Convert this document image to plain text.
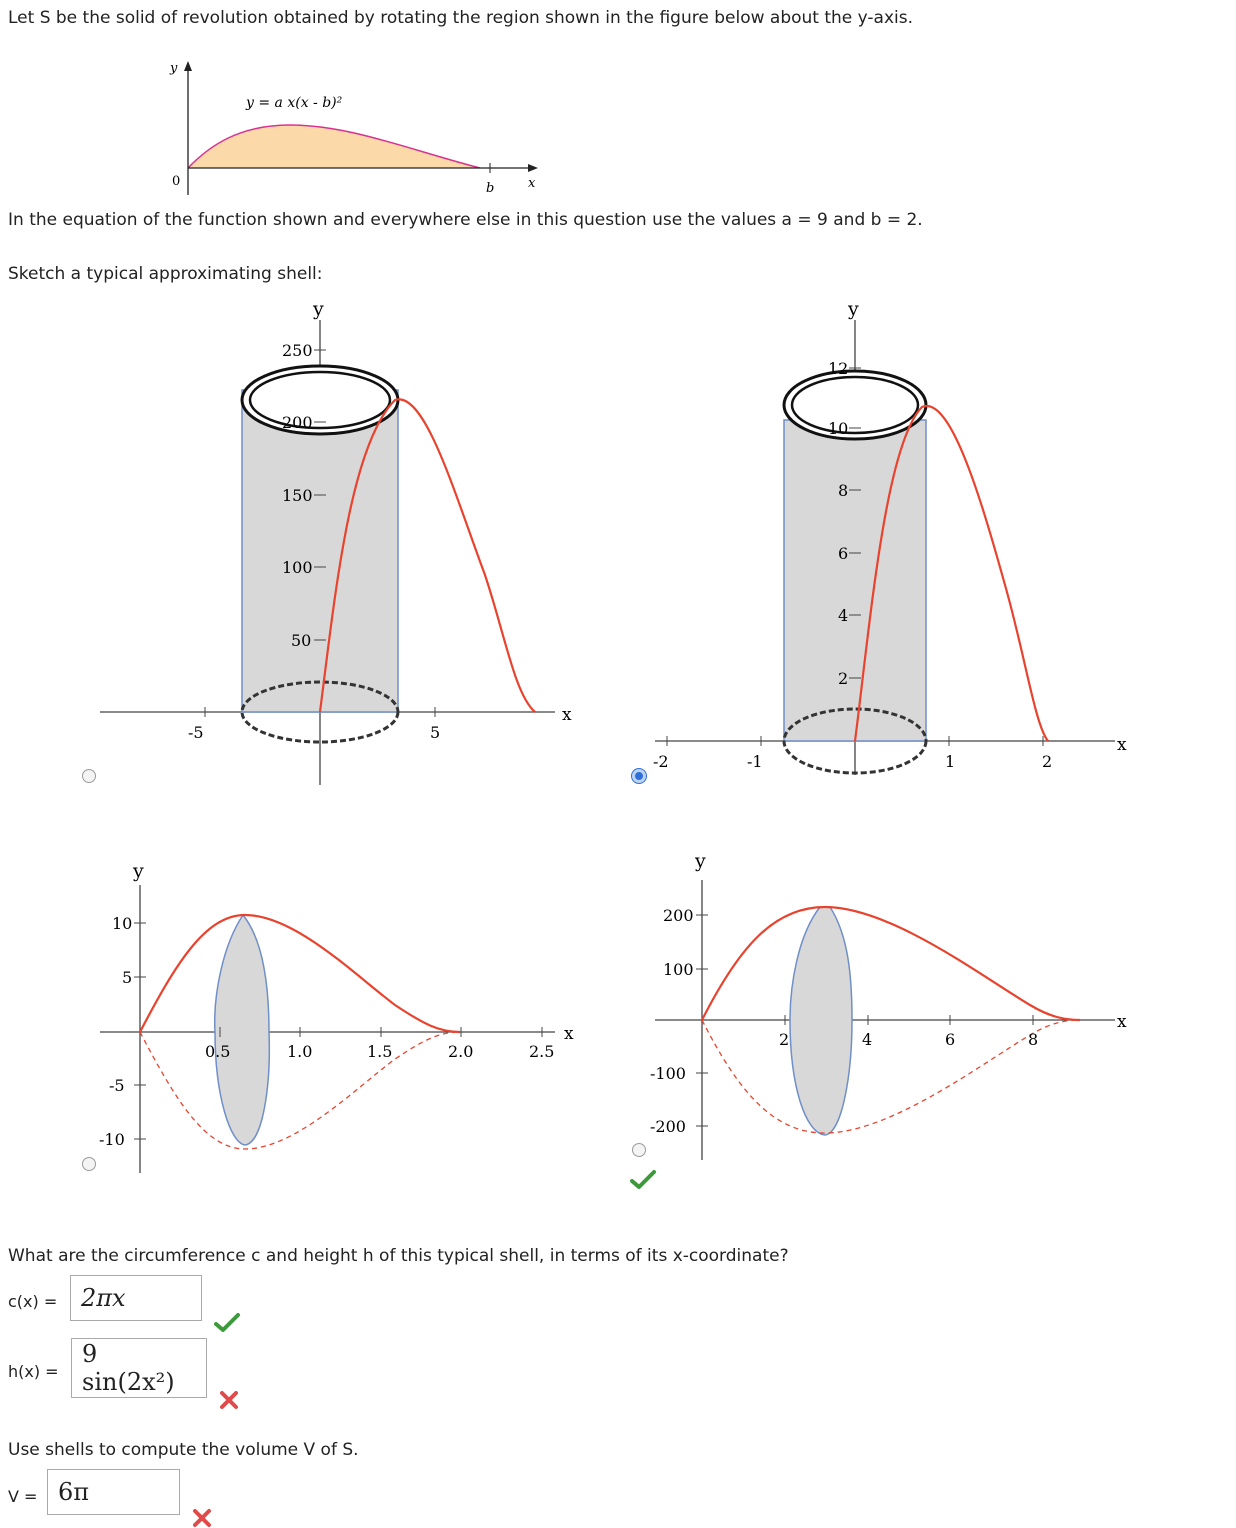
Let S be the solid of revolution obtained by rotating the region shown in the figure below about the y-axis.
y
0	b	x
y = a x(x - b)²
In the equation of the function shown and everywhere else in this question use the values a = 9 and b = 2.
Sketch a typical approximating shell:
-5	5
250
200
150
100
50
x
y
-2	-1	1	2
12
10
8
6
4
2
x
y
0.5	1.0	1.5	2.0	2.5
10
5
-5
-10
x
y
2	4	6	8
200
100
-100
-200
x
y
What are the circumference c and height h of this typical shell, in terms of its x-coordinate?
c(x) = 2πx
h(x) =
9 sin(2x²)
Use shells to compute the volume V of S.
V = 6π
